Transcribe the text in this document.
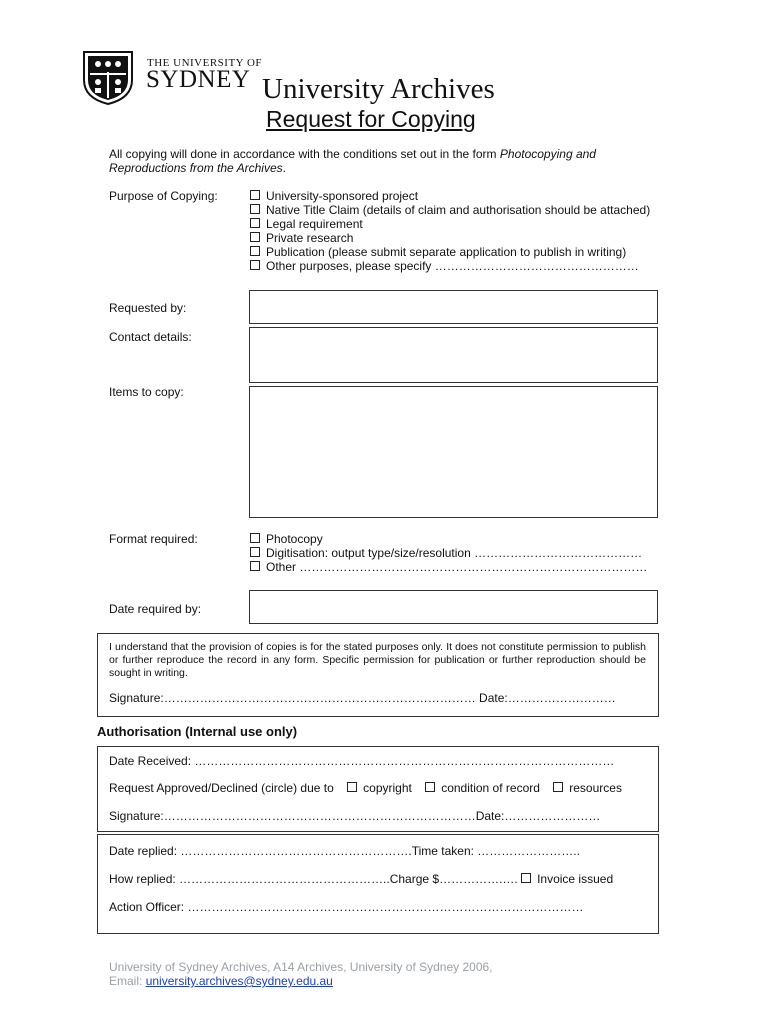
THE UNIVERSITY OF
SYDNEY University Archives
Request for Copying
All copying will done in accordance with the conditions set out in the form Photocopying and Reproductions from the Archives.
Purpose of Copying:	University-sponsored project
Native Title Claim (details of claim and authorisation should be attached)
Legal requirement
Private research
Publication (please submit separate application to publish in writing)
Other purposes, please specify ……………………………………………
Requested by:
Contact details:
Items to copy:
Format required:	Photocopy
Digitisation: output type/size/resolution ……………………………………
Other ……………………………………………………………………………
Date required by:
I understand that the provision of copies is for the stated purposes only. It does not constitute permission to publish or further reproduce the record in any form. Specific permission for publication or further reproduction should be sought in writing.
Signature:…………………………………………………………………… Date:………………………
Authorisation (Internal use only)
Date Received: ……………………………………………………………………………………………
Request Approved/Declined (circle) due to copyright condition of record resources
Signature:……………………………………………………………………Date:……………………
Date replied: ………………………………………………….Time taken: ……………………..
How replied: ……………………………………………..Charge $…………….…. Invoice issued
Action Officer: ………………………………………………………………………………………
University of Sydney Archives, A14 Archives, University of Sydney 2006,
Email: university.archives@sydney.edu.au
